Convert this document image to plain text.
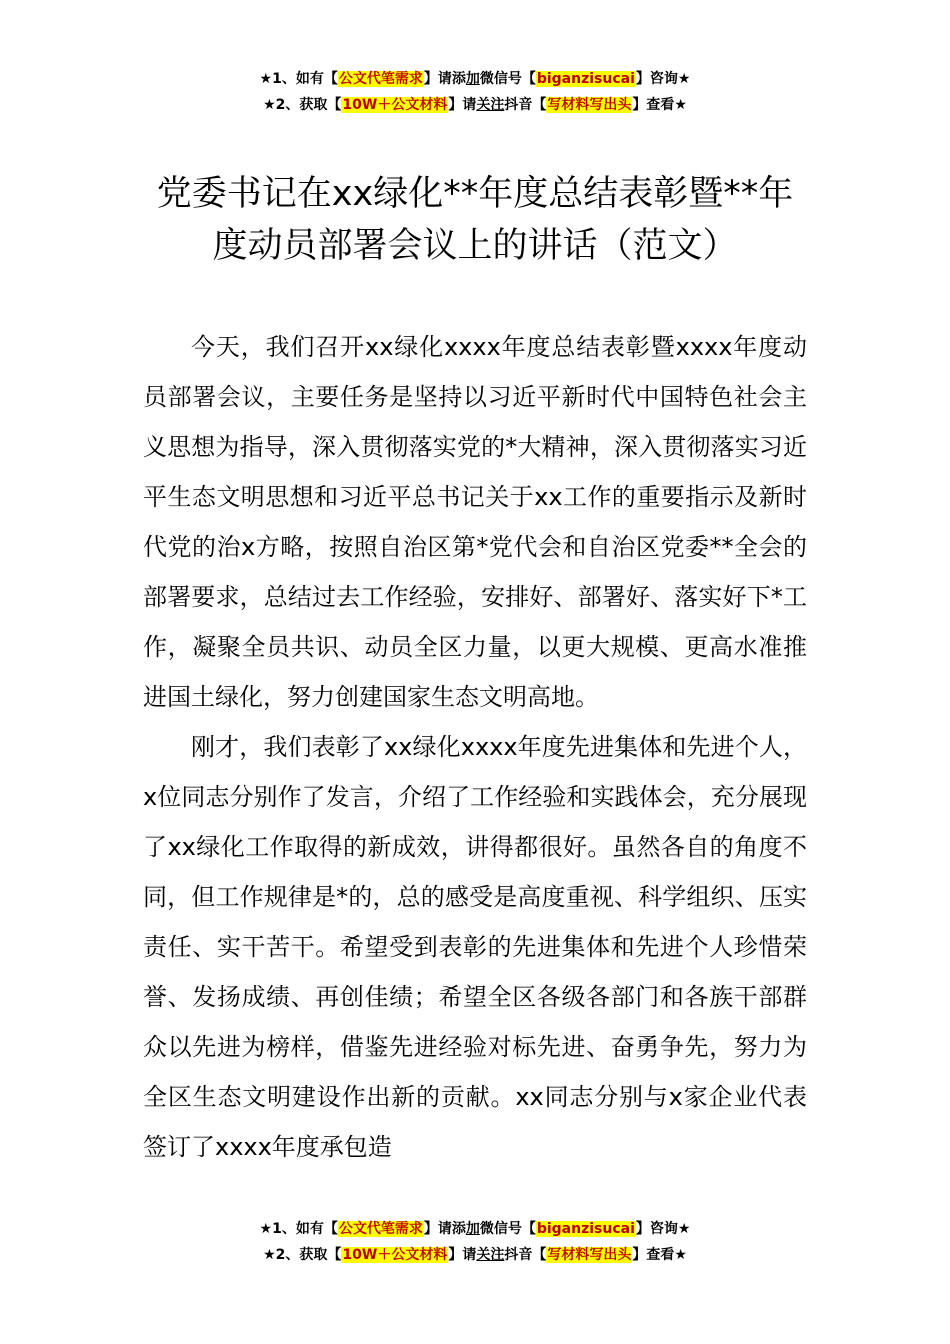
★1、如有【公文代笔需求】请添加微信号【biganzisucai】咨询★
★2、获取【10W＋公文材料】请关注抖音【写材料写出头】查看★
党委书记在xx绿化**年度总结表彰暨**年
度动员部署会议上的讲话（范文）

今天，我们召开xx绿化xxxx年度总结表彰暨xxxx年度动员部署会议，主要任务是坚持以习近平新时代中国特色社会主义思想为指导，深入贯彻落实党的*大精神，深入贯彻落实习近平生态文明思想和习近平总书记关于xx工作的重要指示及新时代党的治x方略，按照自治区第*党代会和自治区党委**全会的部署要求，总结过去工作经验，安排好、部署好、落实好下*工作，凝聚全员共识、动员全区力量，以更大规模、更高水准推进国土绿化，努力创建国家生态文明高地。

刚才，我们表彰了xx绿化xxxx年度先进集体和先进个人，x位同志分别作了发言，介绍了工作经验和实践体会，充分展现了xx绿化工作取得的新成效，讲得都很好。虽然各自的角度不同，但工作规律是*的，总的感受是高度重视、科学组织、压实责任、实干苦干。希望受到表彰的先进集体和先进个人珍惜荣誉、发扬成绩、再创佳绩；希望全区各级各部门和各族干部群众以先进为榜样，借鉴先进经验对标先进、奋勇争先，努力为全区生态文明建设作出新的贡献。xx同志分别与x家企业代表签订了xxxx年度承包造

★1、如有【公文代笔需求】请添加微信号【biganzisucai】咨询★
★2、获取【10W＋公文材料】请关注抖音【写材料写出头】查看★
